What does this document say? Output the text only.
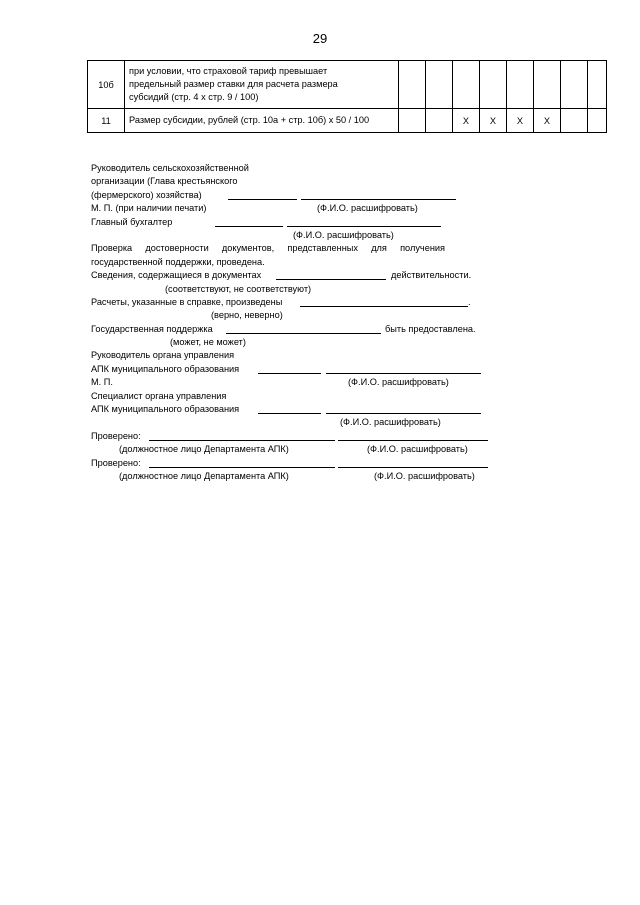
29
10б	при условии, что страховой тариф превышает
предельный размер ставки для расчета размера
субсидий (стр. 4 х стр. 9 / 100)								

11	Размер субсидии, рублей (стр. 10а + стр. 10б) х 50 / 100			X	X	X	X		
Руководитель сельскохозяйственной
организации (Глава крестьянского
(фермерского) хозяйства)
М. П. (при наличии печати)	(Ф.И.О. расшифровать)
Главный бухгалтер
(Ф.И.О. расшифровать)
Проверка достоверности документов, представленных для получения
государственной поддержки, проведена.
Сведения, содержащиеся в документах	действительности.
(соответствуют, не соответствуют)
Расчеты, указанные в справке, произведены	.
(верно, неверно)
Государственная поддержка	быть предоставлена.
(может, не может)
Руководитель органа управления
АПК муниципального образования
М. П.	(Ф.И.О. расшифровать)
Специалист органа управления
АПК муниципального образования
(Ф.И.О. расшифровать)
Проверено:
(должностное лицо Департамента АПК)	(Ф.И.О. расшифровать)
Проверено:
(должностное лицо Департамента АПК)	(Ф.И.О. расшифровать)
